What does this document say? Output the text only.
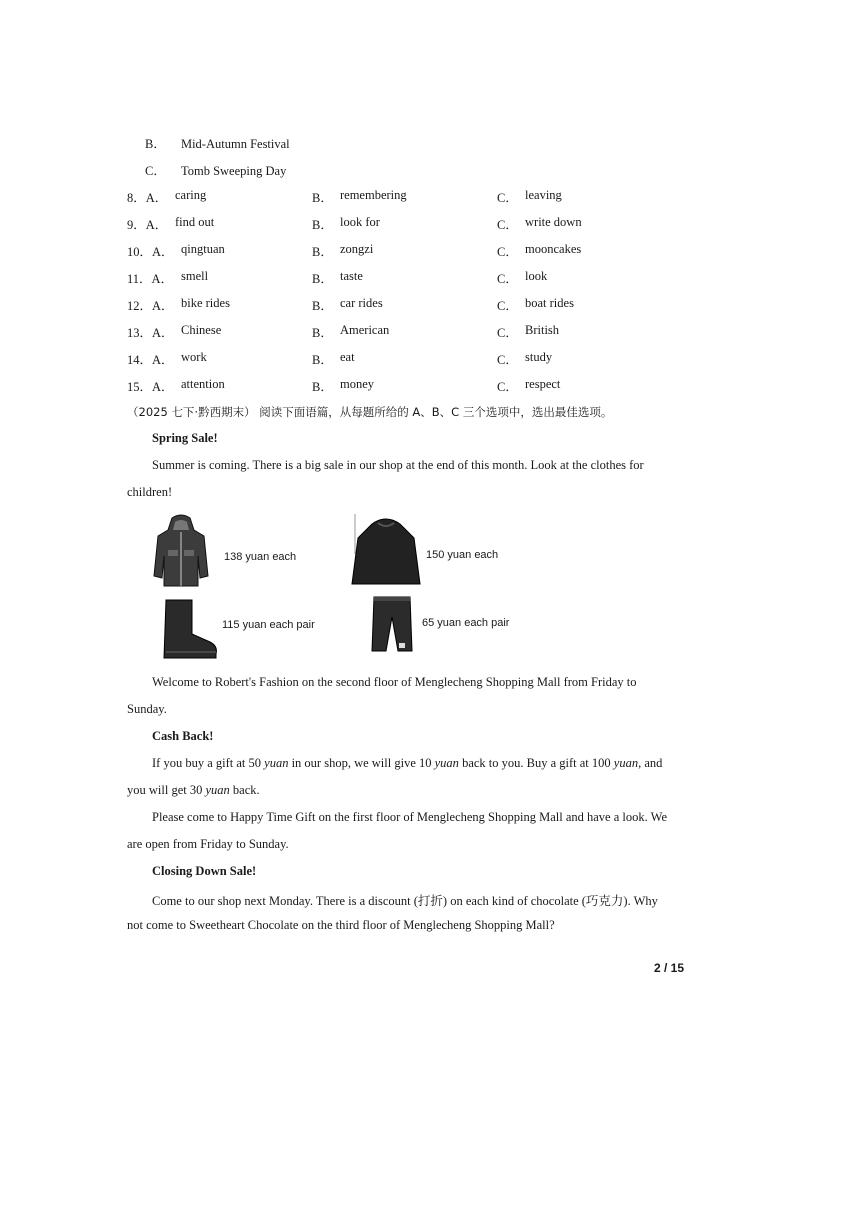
B． Mid-Autumn Festival
C． Tomb Sweeping Day
8．A． caring	B． remembering	C． leaving
9．A． find out	B． look for	C． write down
10．A． qingtuan	B． zongzi	C． mooncakes
11．A． smell	B． taste	C． look
12．A． bike rides	B． car rides	C． boat rides
13．A． Chinese	B． American	C． British
14．A． work	B． eat	C． study
15．A． attention	B． money	C． respect
（2025 七下·黔西期末） 阅读下面语篇，从每题所给的 A、B、C 三个选项中，选出最佳选项。
Spring Sale!
Summer is coming. There is a big sale in our shop at the end of this month. Look at the clothes for
children!
138 yuan each	150 yuan each
115 yuan each pair	65 yuan each pair
Welcome to Robert's Fashion on the second floor of Menglecheng Shopping Mall from Friday to
Sunday.
Cash Back!
If you buy a gift at 50 yuan in our shop, we will give 10 yuan back to you. Buy a gift at 100 yuan, and
you will get 30 yuan back.
Please come to Happy Time Gift on the first floor of Menglecheng Shopping Mall and have a look. We
are open from Friday to Sunday.
Closing Down Sale!
Come to our shop next Monday. There is a discount (打折) on each kind of chocolate (巧克力). Why
not come to Sweetheart Chocolate on the third floor of Menglecheng Shopping Mall?
2 / 15
